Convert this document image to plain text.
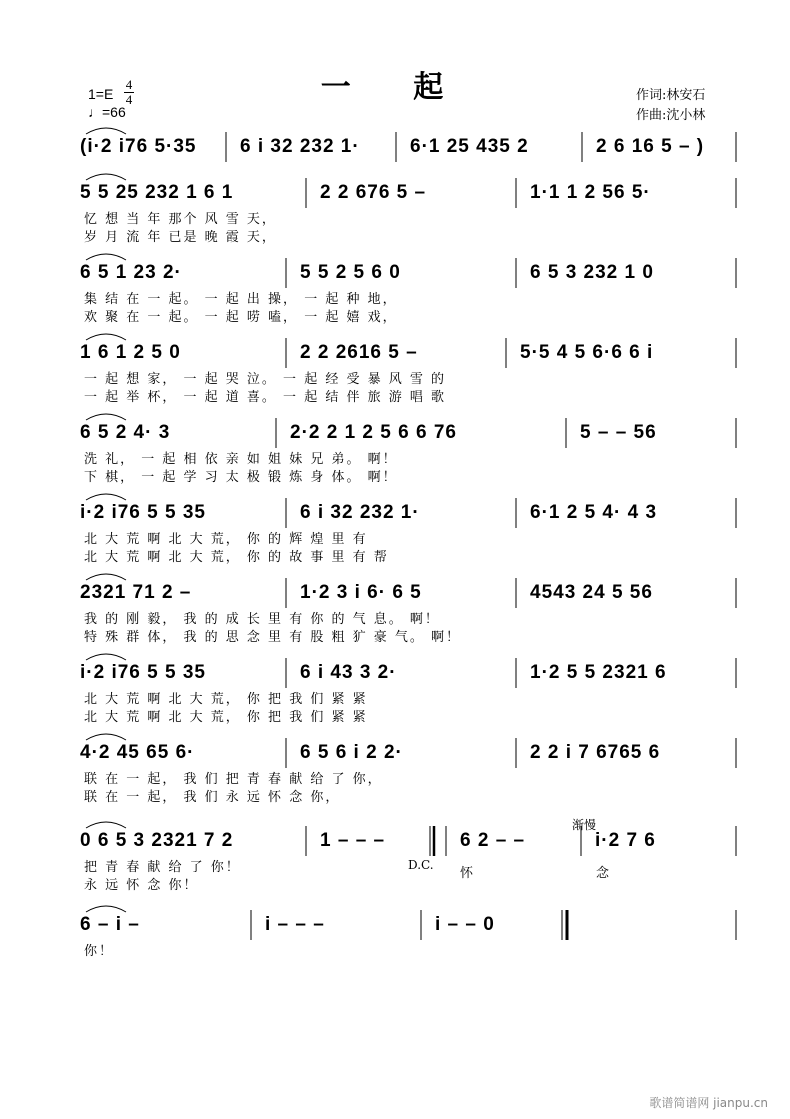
一 起
1=E
4
4
♩=66
作词:林安石
作曲:沈小林
(i·2 i76 5·35 6 i 32 232 1·	6·1 25 435 2	2 6 16 5 – )
5 5 25 232 1 6 1	2 2 676 5 –	1·1 1 2 56 5·
忆 想 当 年 那个 风 雪 天，
岁 月 流 年 已是 晚 霞 天，
6 5 1 23 2·	5 5 2 5 6 0	6 5 3 232 1 0
集 结 在 一 起。 一 起 出 操， 一 起 种 地，
欢 聚 在 一 起。 一 起 唠 嗑， 一 起 嬉 戏，
1 6 1 2 5 0	2 2 2616 5 –	5·5 4 5 6·6 6 i
一 起 想 家， 一 起 哭 泣。 一 起 经 受 暴 风 雪 的
一 起 举 杯， 一 起 道 喜。 一 起 结 伴 旅 游 唱 歌
6 5 2 4· 3	2·2 2 1 2 5 6 6 76	5 – – 56
洗 礼， 一 起 相 依 亲 如 姐 妹 兄 弟。 啊！
下 棋， 一 起 学 习 太 极 锻 炼 身 体。 啊！
i·2 i76 5 5 35	6 i 32 232 1·	6·1 2 5 4· 4 3
北 大 荒 啊 北 大 荒， 你 的 辉 煌 里 有
北 大 荒 啊 北 大 荒， 你 的 故 事 里 有 帮
2321 71 2 –	1·2 3 i 6· 6 5	4543 24 5 56
我 的 刚 毅， 我 的 成 长 里 有 你 的 气 息。 啊！
特 殊 群 体， 我 的 思 念 里 有 股 粗 犷 豪 气。 啊！
i·2 i76 5 5 35	6 i 43 3 2·	1·2 5 5 2321 6
北 大 荒 啊 北 大 荒， 你 把 我 们 紧 紧
北 大 荒 啊 北 大 荒， 你 把 我 们 紧 紧
4·2 45 65 6·	6 5 6 i 2 2·	2 2 i 7 6765 6
联 在 一 起， 我 们 把 青 春 献 给 了 你，
联 在 一 起， 我 们 永 远 怀 念 你，
0 6 5 3 2321 7 2	1 – – –	6 2 – –	i·2 7 6
把 青 春 献 给 了 你！
永 远 怀 念 你！
6 – i –	i – – –	i – – 0
你！
D.C.
怀	念
渐慢
歌谱简谱网 jianpu.cn
